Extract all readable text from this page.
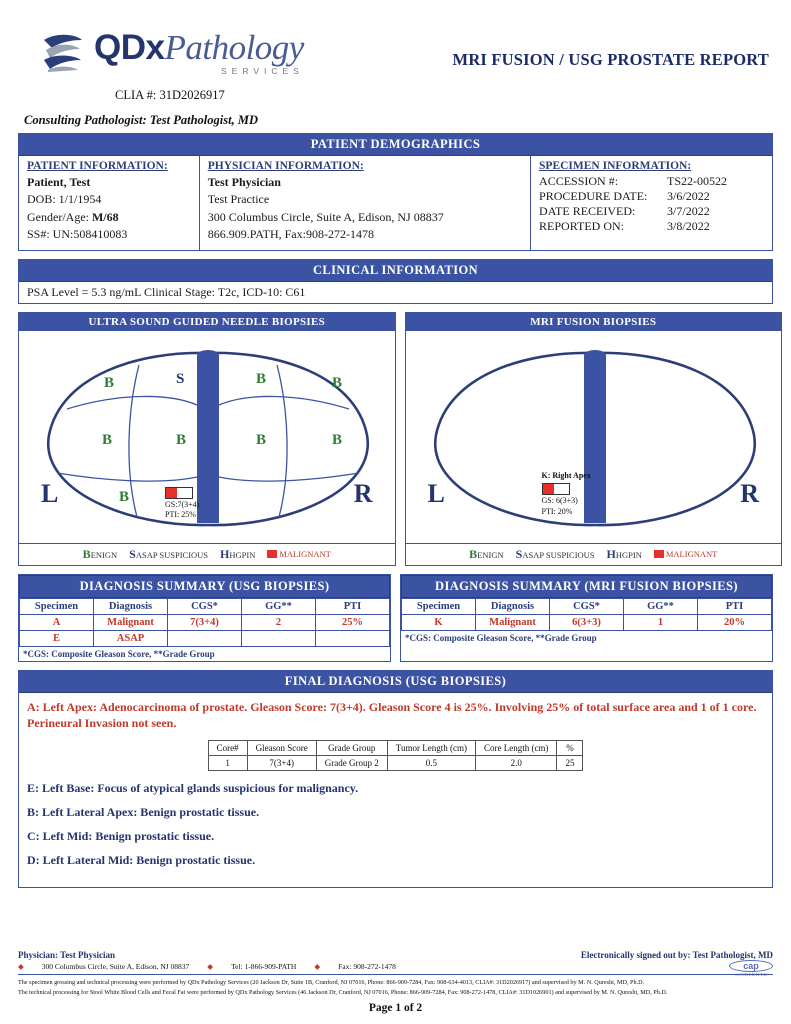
QDxPathology
SERVICES
CLIA #: 31D2026917
MRI FUSION / USG PROSTATE REPORT
Consulting Pathologist: Test Pathologist, MD
PATIENT DEMOGRAPHICS
PATIENT INFORMATION:
Patient, Test
DOB: 1/1/1954
Gender/Age: M/68
SS#: UN:508410083
PHYSICIAN INFORMATION:
Test Physician
Test Practice
300 Columbus Circle, Suite A, Edison, NJ 08837
866.909.PATH, Fax:908-272-1478
SPECIMEN INFORMATION:
ACCESSION #:	TS22-00522
PROCEDURE DATE:	3/6/2022
DATE RECEIVED:	3/7/2022
REPORTED ON:	3/8/2022
CLINICAL INFORMATION
PSA Level = 5.3 ng/mL Clinical Stage: T2c, ICD-10: C61
ULTRA SOUND GUIDED NEEDLE BIOPSIES
L	R
B	S	B	B
B	B	B	B
B	GS:7(3+4)
PTI: 25%
BENIGN SASAP SUSPICIOUS HHGPIN	MALIGNANT
MRI FUSION BIOPSIES
L	R
K: Right Apex
GS: 6(3+3)
PTI: 20%
BENIGN SASAP SUSPICIOUS HHGPIN	MALIGNANT
DIAGNOSIS SUMMARY (USG BIOPSIES)
Specimen	Diagnosis	CGS*	GG**	PTI
A	Malignant	7(3+4)	2	25%
E	ASAP			
*CGS: Composite Gleason Score, **Grade Group
DIAGNOSIS SUMMARY (MRI FUSION BIOPSIES)
Specimen	Diagnosis	CGS*	GG**	PTI
K	Malignant	6(3+3)	1	20%
*CGS: Composite Gleason Score, **Grade Group
FINAL DIAGNOSIS (USG BIOPSIES)
A: Left Apex: Adenocarcinoma of prostate. Gleason Score: 7(3+4). Gleason Score 4 is 25%. Involving 25% of total surface area and 1 of 1 core. Perineural Invasion not seen.
Core#	Gleason Score	Grade Group	Tumor Length (cm)	Core Length (cm)	%
1	7(3+4)	Grade Group 2	0.5	2.0	25
E: Left Base: Focus of atypical glands suspicious for malignancy.
B: Left Lateral Apex: Benign prostatic tissue.
C: Left Mid: Benign prostatic tissue.
D: Left Lateral Mid: Benign prostatic tissue.
Physician: Test Physician	Electronically signed out by: Test Pathologist, MD
◆ 300 Columbus Circle, Suite A, Edison, NJ 08837 ◆ Tel: 1-866-909-PATH ◆ Fax: 908-272-1478
The specimen grossing and technical processing were performed by QDx Pathology Services (20 Jackson Dr, Suite 1B, Cranford, NJ 07016, Phone: 866-909-7284, Fax: 908-634-4013, CLIA#: 31D2026917) and supervised by M. N. Qureshi, MD, Ph.D.
The technical processing for Stool White Blood Cells and Fecal Fat were performed by QDx Pathology Services (46 Jackson Dr, Cranford, NJ 07016, Phone: 866-909-7284, Fax: 908-272-1478, CLIA#: 31D1026901) and supervised by M. N. Qureshi, MD, Ph.D.
cap
ACCREDITED
Page 1 of 2
